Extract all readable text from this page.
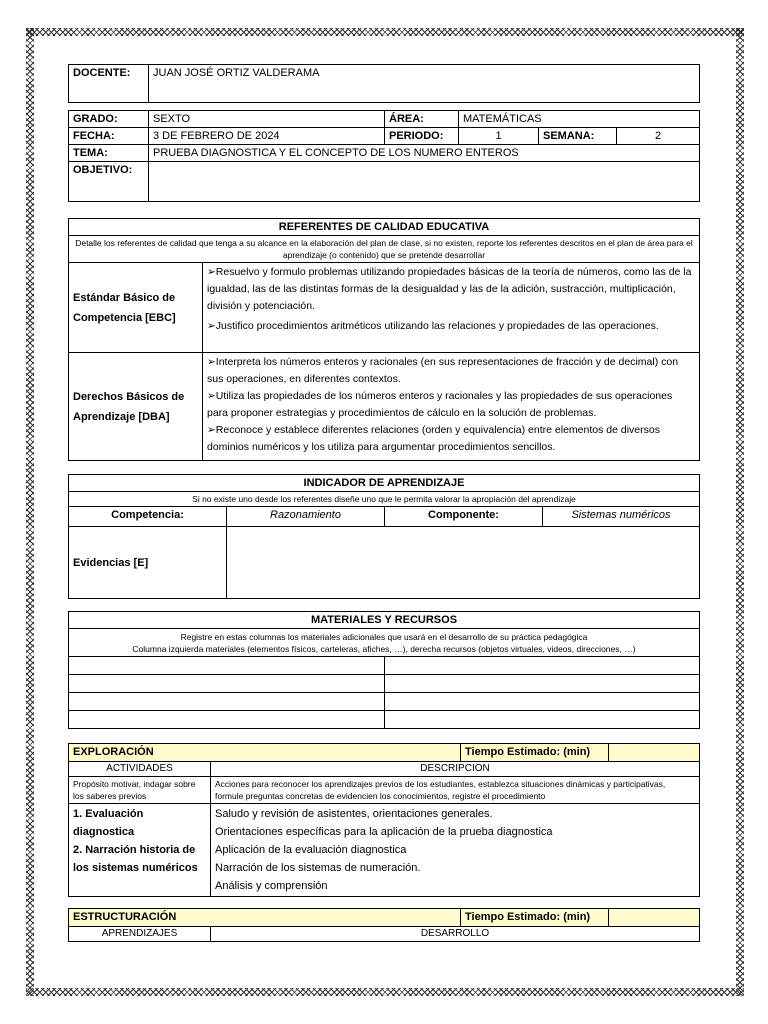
DOCENTE:	JUAN JOSÉ ORTIZ VALDERAMA
GRADO:	SEXTO	ÁREA:	MATEMÁTICAS		
FECHA:	3 DE FEBRERO DE 2024	PERIODO:	1	SEMANA:	2
TEMA:	PRUEBA DIAGNOSTICA Y EL CONCEPTO DE LOS NUMERO ENTEROS				
OBJETIVO:					
REFERENTES DE CALIDAD EDUCATIVA	
Detalle los referentes de calidad que tenga a su alcance en la elaboración del plan de clase, si no existen, reporte los referentes descritos en el plan de área para el aprendizaje (o contenido) que se pretende desarrollar	
Estándar Básico de Competencia [EBC]	➢Resuelvo y formulo problemas utilizando propiedades básicas de la teoría de números, como las de la igualdad, las de las distintas formas de la desigualdad y las de la adición, sustracción, multiplicación, división y potenciación.
➢Justifico procedimientos aritméticos utilizando las relaciones y propiedades de las operaciones.

Derechos Básicos de Aprendizaje [DBA]	➢Interpreta los números enteros y racionales (en sus representaciones de fracción y de decimal) con sus operaciones, en diferentes contextos.
➢Utiliza las propiedades de los números enteros y racionales y las propiedades de sus operaciones para proponer estrategias y procedimientos de cálculo en la solución de problemas.
➢Reconoce y establece diferentes relaciones (orden y equivalencia) entre elementos de diversos dominios numéricos y los utiliza para argumentar procedimientos sencillos.
INDICADOR DE APRENDIZAJE			
Si no existe uno desde los referentes diseñe uno que le permita valorar la apropiación del aprendizaje			
Competencia:	Razonamiento	Componente:	Sistemas numéricos
Evidencias [E]			
MATERIALES Y RECURSOS	

Registre en estas columnas los materiales adicionales que usará en el desarrollo de su práctica pedagógica
Columna izquierda materiales (elementos físicos, carteleras, afiches, …), derecha recursos (objetos virtuales, videos, direcciones, …)	

EXPLORACIÓN		Tiempo Estimado: (min)	
ACTIVIDADES	DESCRIPCION		
Propósito motivar, indagar sobre los saberes previos	Acciones para reconocer los aprendizajes previos de los estudiantes, establezca situaciones dinámicas y participativas, formule preguntas concretas de evidencien los conocimientos, registre el procedimiento		

1. Evaluación diagnostica
2. Narración historia de los sistemas numéricos	Saludo y revisión de asistentes, orientaciones generales.
Orientaciones específicas para la aplicación de la prueba diagnostica
Aplicación de la evaluación diagnostica
Narración de los sistemas de numeración.
Análisis y comprensión		
ESTRUCTURACIÓN		Tiempo Estimado: (min)	
APRENDIZAJES	DESARROLLO		
